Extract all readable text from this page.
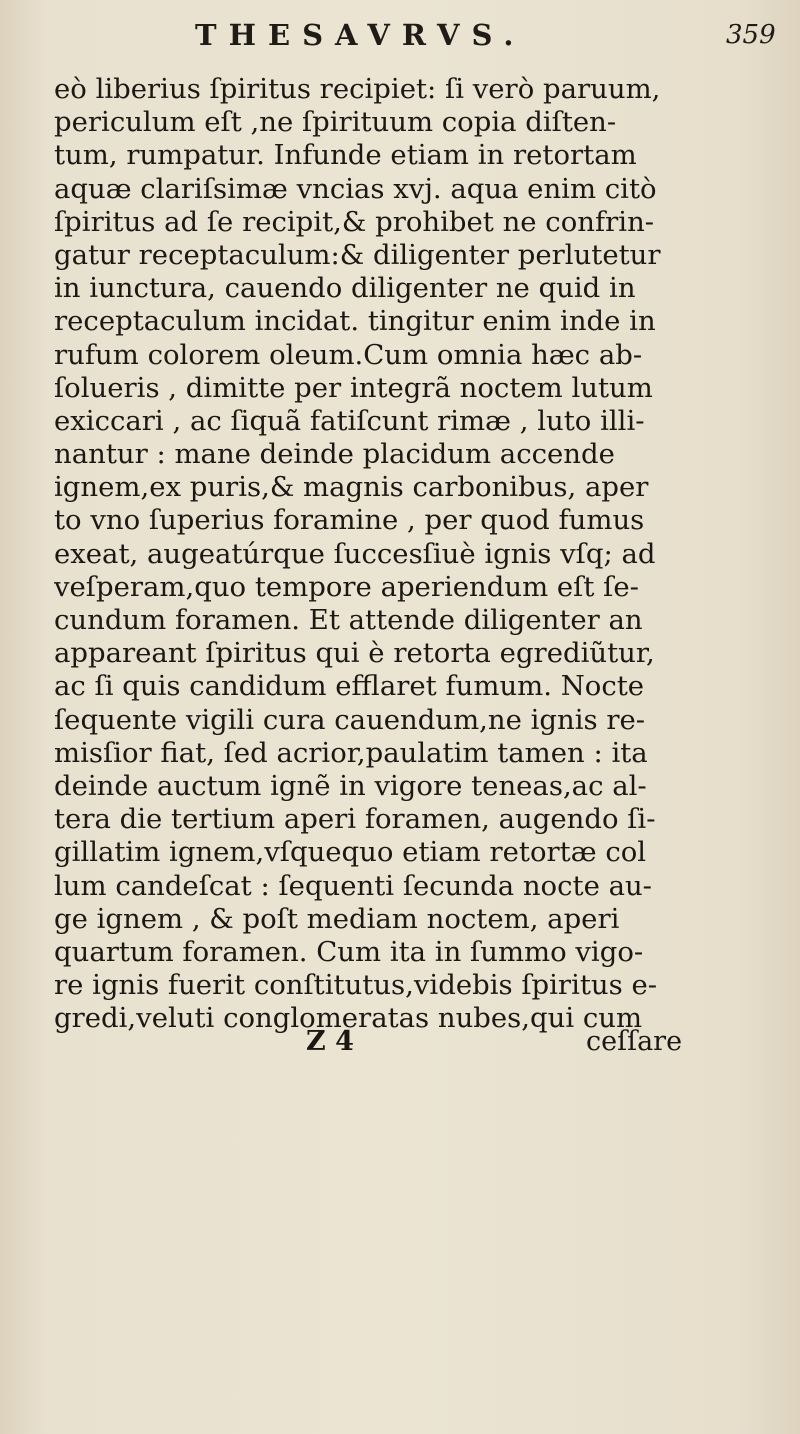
THESAVRVS.	359
eò liberius ſpiritus recipiet: ſi verò paruum,
periculum eſt ,ne ſpirituum copia diſten-
tum, rumpatur. Infunde etiam in retortam
aquæ clariſsimæ vncias xvj. aqua enim citò
ſpiritus ad ſe recipit,& prohibet ne confrin-
gatur receptaculum:& diligenter perlutetur
in iunctura, cauendo diligenter ne quid in
receptaculum incidat. tingitur enim inde in
rufum colorem oleum.Cum omnia hæc ab-
ſolueris , dimitte per integrã noctem lutum
exiccari , ac ſiquã fatiſcunt rimæ , luto illi-
nantur : mane deinde placidum accende
ignem,ex puris,& magnis carbonibus, aper
to vno ſuperius foramine , per quod fumus
exeat, augeatúrque ſuccesſiuè ignis vſq; ad
veſperam,quo tempore aperiendum eſt ſe-
cundum foramen. Et attende diligenter an
appareant ſpiritus qui è retorta egrediũtur,
ac ſi quis candidum efflaret fumum. Nocte
ſequente vigili cura cauendum,ne ignis re-
misſior fiat, ſed acrior,paulatim tamen : ita
deinde auctum ignẽ in vigore teneas,ac al-
tera die tertium aperi foramen, augendo ſi-
gillatim ignem,vſquequo etiam retortæ col
lum candeſcat : ſequenti ſecunda nocte au-
ge ignem , & poſt mediam noctem, aperi
quartum foramen. Cum ita in ſummo vigo-
re ignis fuerit conſtitutus,videbis ſpiritus e-
gredi,veluti conglomeratas nubes,qui cum
Z 4	ceſſare
